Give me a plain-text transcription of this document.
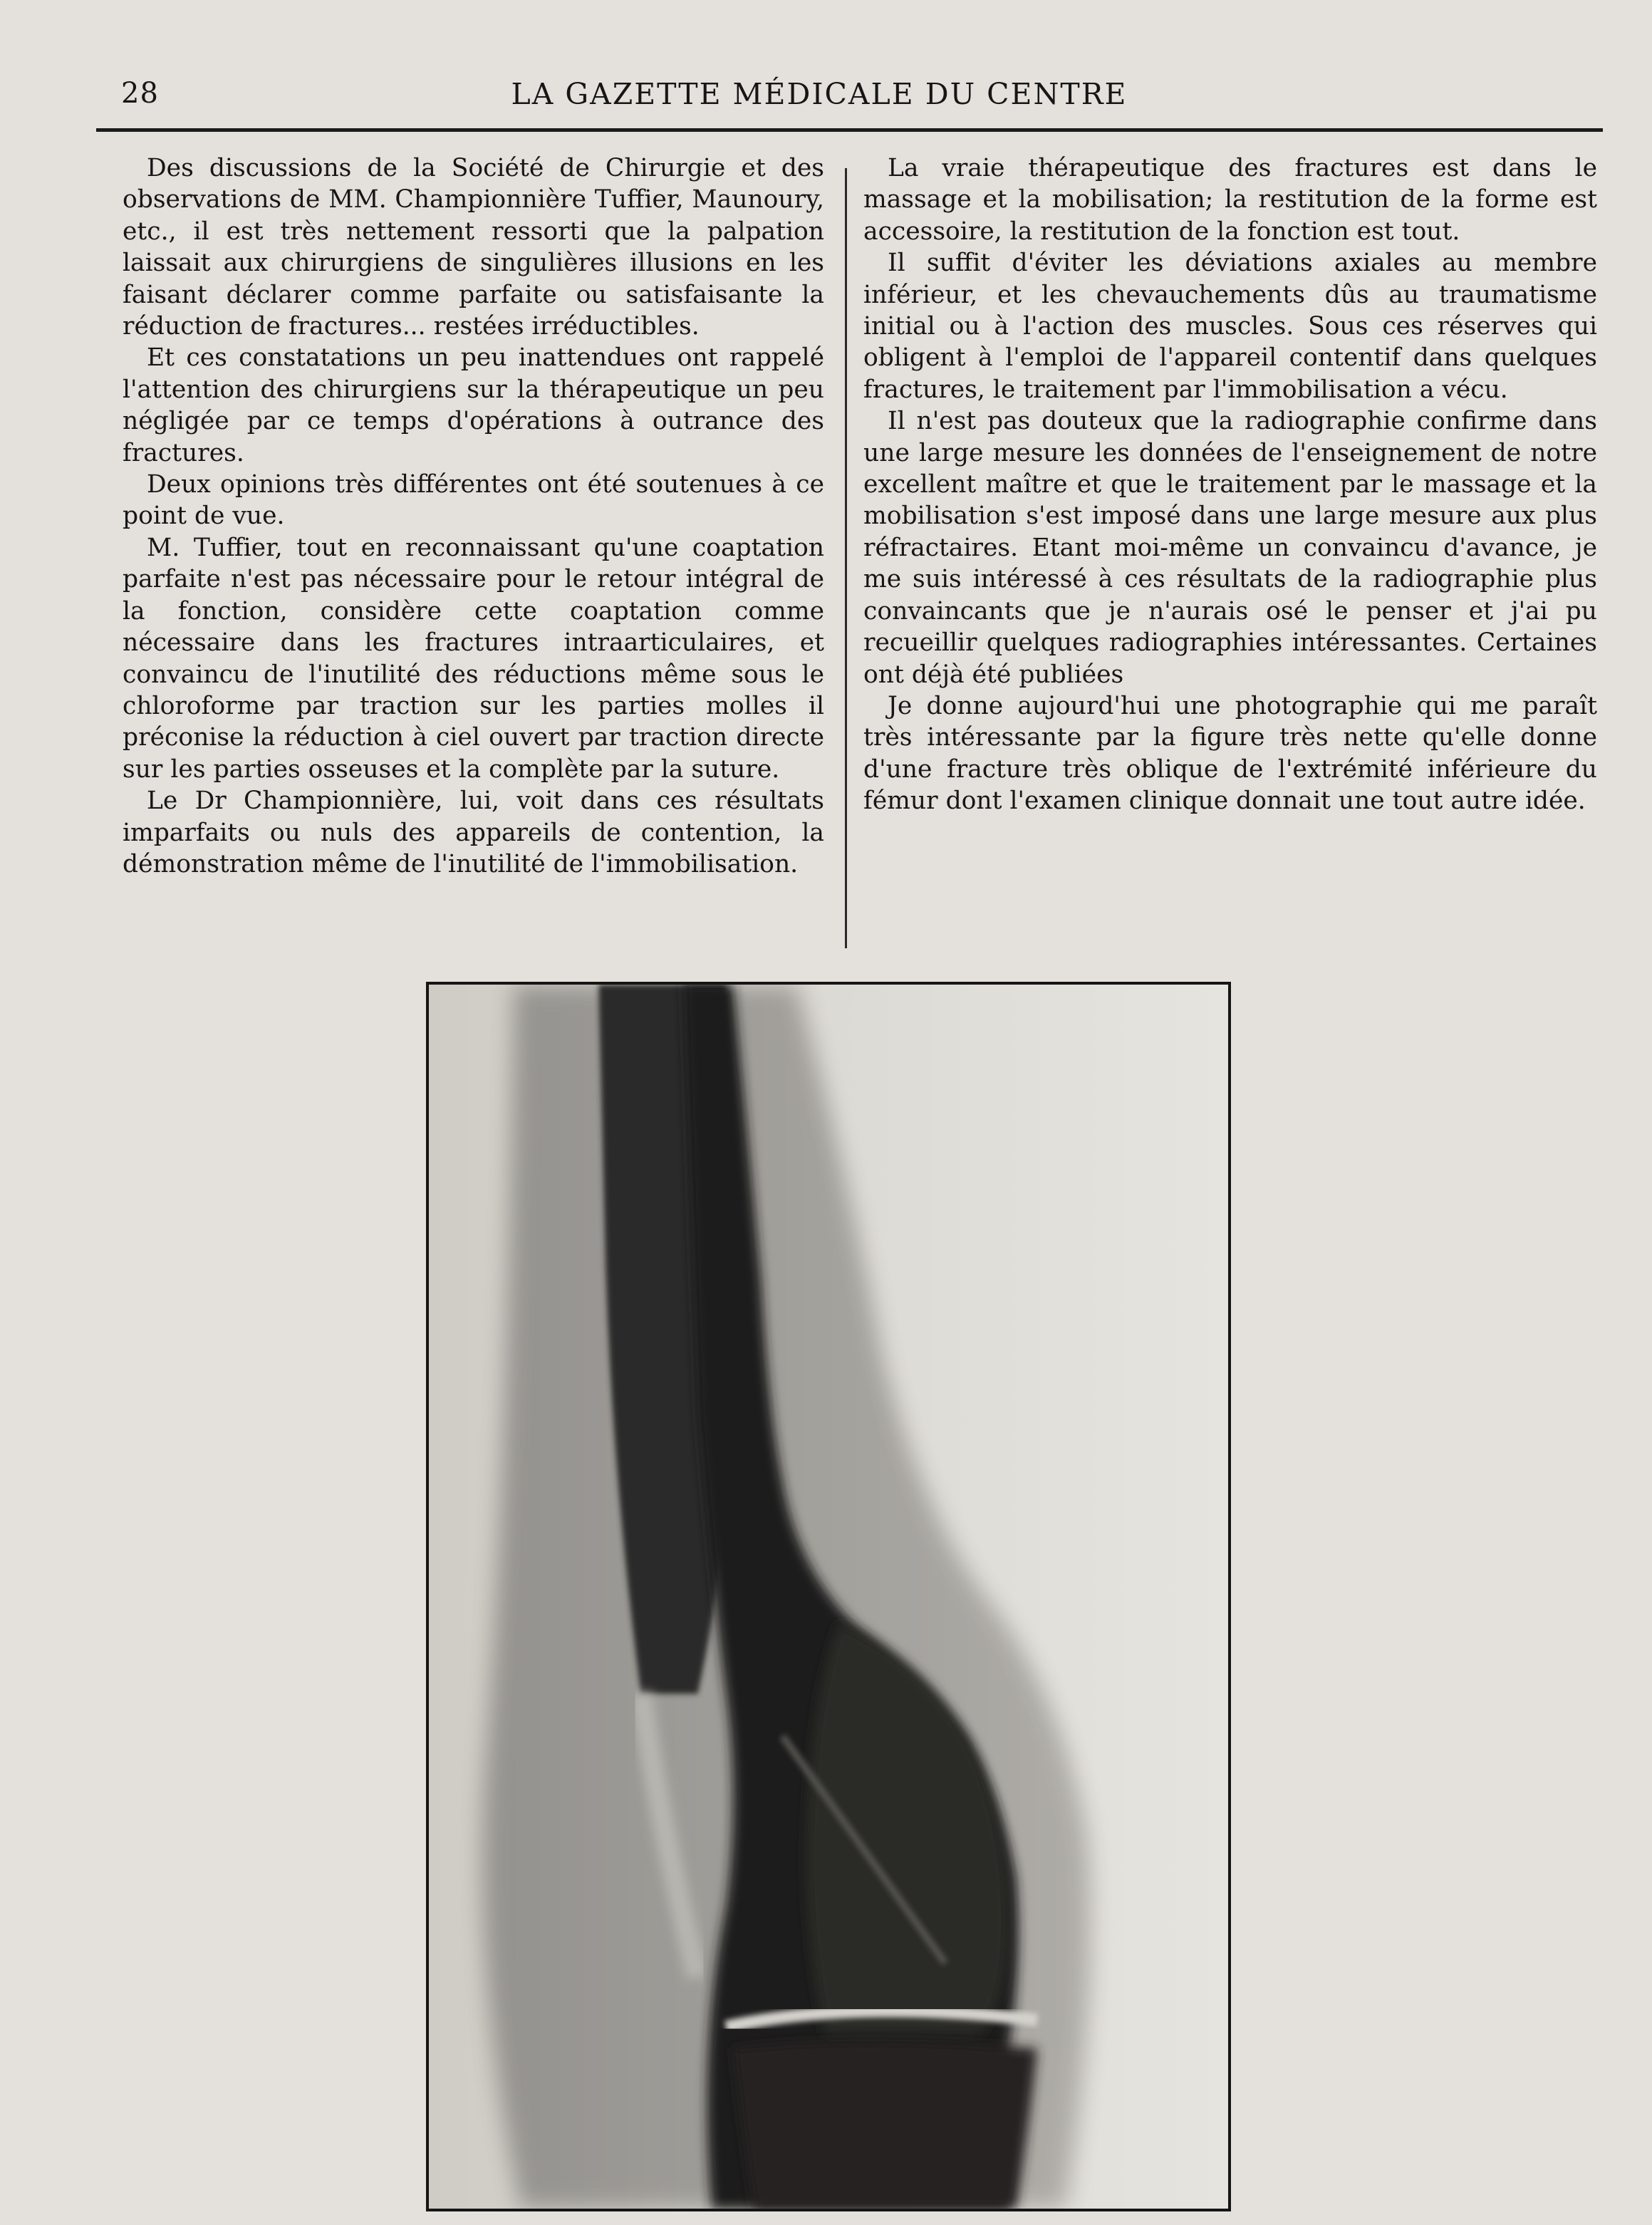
28	LA GAZETTE MÉDICALE DU CENTRE

Des discussions de la Société de Chirurgie et des observations de MM. Championnière Tuffier, Maunoury, etc., il est très nettement ressorti que la palpation laissait aux chirurgiens de singulières illusions en les faisant déclarer comme parfaite ou satisfaisante la réduction de fractures... restées irréductibles.

Et ces constatations un peu inattendues ont rappelé l'attention des chirurgiens sur la thérapeutique un peu négligée par ce temps d'opérations à outrance des fractures.

Deux opinions très différentes ont été soutenues à ce point de vue.

M. Tuffier, tout en reconnaissant qu'une coaptation parfaite n'est pas nécessaire pour le retour intégral de la fonction, considère cette coaptation comme nécessaire dans les fractures intraarticulaires, et convaincu de l'inutilité des réductions même sous le chloroforme par traction sur les parties molles il préconise la réduction à ciel ouvert par traction directe sur les parties osseuses et la complète par la suture.

Le Dr Championnière, lui, voit dans ces résultats imparfaits ou nuls des appareils de contention, la démonstration même de l'inutilité de l'immobilisation.

La vraie thérapeutique des fractures est dans le massage et la mobilisation; la restitution de la forme est accessoire, la restitution de la fonction est tout.

Il suffit d'éviter les déviations axiales au membre inférieur, et les chevauchements dûs au traumatisme initial ou à l'action des muscles. Sous ces réserves qui obligent à l'emploi de l'appareil contentif dans quelques fractures, le traitement par l'immobilisation a vécu.

Il n'est pas douteux que la radiographie confirme dans une large mesure les données de l'enseignement de notre excellent maître et que le traitement par le massage et la mobilisation s'est imposé dans une large mesure aux plus réfractaires. Etant moi-même un convaincu d'avance, je me suis intéressé à ces résultats de la radiographie plus convaincants que je n'aurais osé le penser et j'ai pu recueillir quelques radiographies intéressantes. Certaines ont déjà été publiées

Je donne aujourd'hui une photographie qui me paraît très intéressante par la figure très nette qu'elle donne d'une fracture très oblique de l'extrémité inférieure du fémur dont l'examen clinique donnait une tout autre idée.
